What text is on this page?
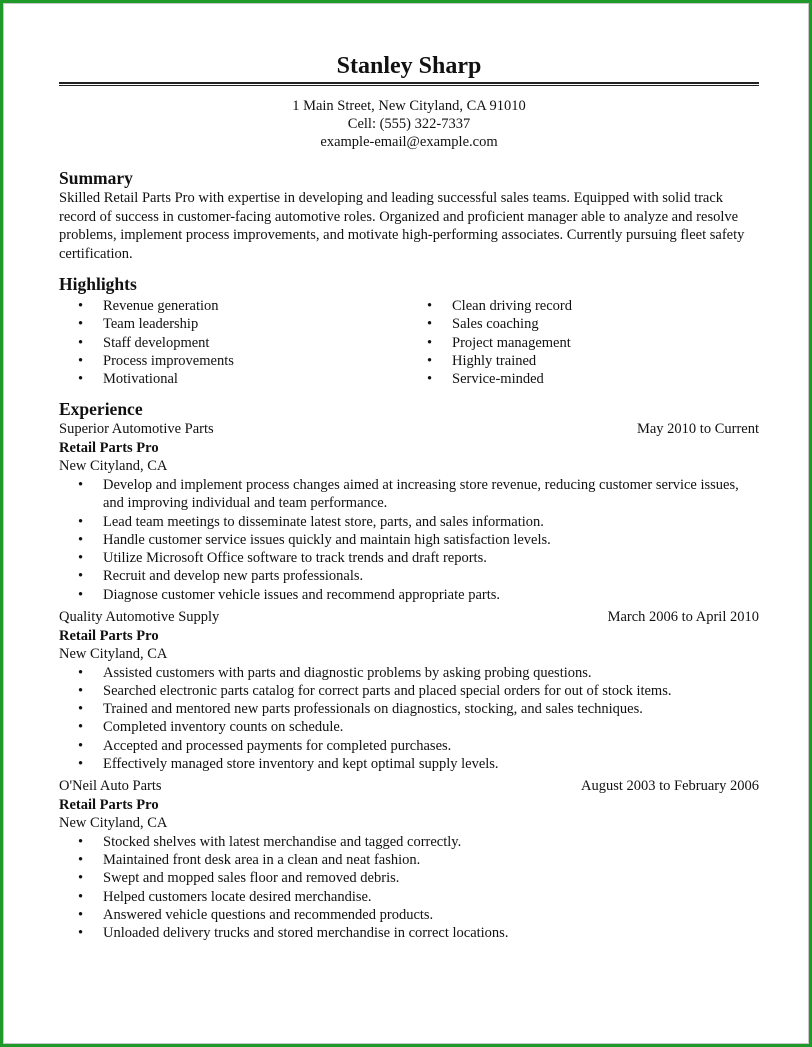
Stanley Sharp
1 Main Street, New Cityland, CA 91010
Cell: (555) 322-7337
example-email@example.com
Summary
Skilled Retail Parts Pro with expertise in developing and leading successful sales teams. Equipped with solid track record of success in customer-facing automotive roles. Organized and proficient manager able to analyze and resolve problems, implement process improvements, and motivate high-performing associates. Currently pursuing fleet safety certification.
Highlights
• Revenue generation
• Team leadership
• Staff development
• Process improvements
• Motivational
• Clean driving record
• Sales coaching
• Project management
• Highly trained
• Service-minded
Experience
Superior Automotive Parts	May 2010 to Current
Retail Parts Pro
New Cityland, CA
• Develop and implement process changes aimed at increasing store revenue, reducing customer service issues, and improving individual and team performance.
• Lead team meetings to disseminate latest store, parts, and sales information.
• Handle customer service issues quickly and maintain high satisfaction levels.
• Utilize Microsoft Office software to track trends and draft reports.
• Recruit and develop new parts professionals.
• Diagnose customer vehicle issues and recommend appropriate parts.
Quality Automotive Supply	March 2006 to April 2010
Retail Parts Pro
New Cityland, CA
• Assisted customers with parts and diagnostic problems by asking probing questions.
• Searched electronic parts catalog for correct parts and placed special orders for out of stock items.
• Trained and mentored new parts professionals on diagnostics, stocking, and sales techniques.
• Completed inventory counts on schedule.
• Accepted and processed payments for completed purchases.
• Effectively managed store inventory and kept optimal supply levels.
O'Neil Auto Parts	August 2003 to February 2006
Retail Parts Pro
New Cityland, CA
• Stocked shelves with latest merchandise and tagged correctly.
• Maintained front desk area in a clean and neat fashion.
• Swept and mopped sales floor and removed debris.
• Helped customers locate desired merchandise.
• Answered vehicle questions and recommended products.
• Unloaded delivery trucks and stored merchandise in correct locations.
